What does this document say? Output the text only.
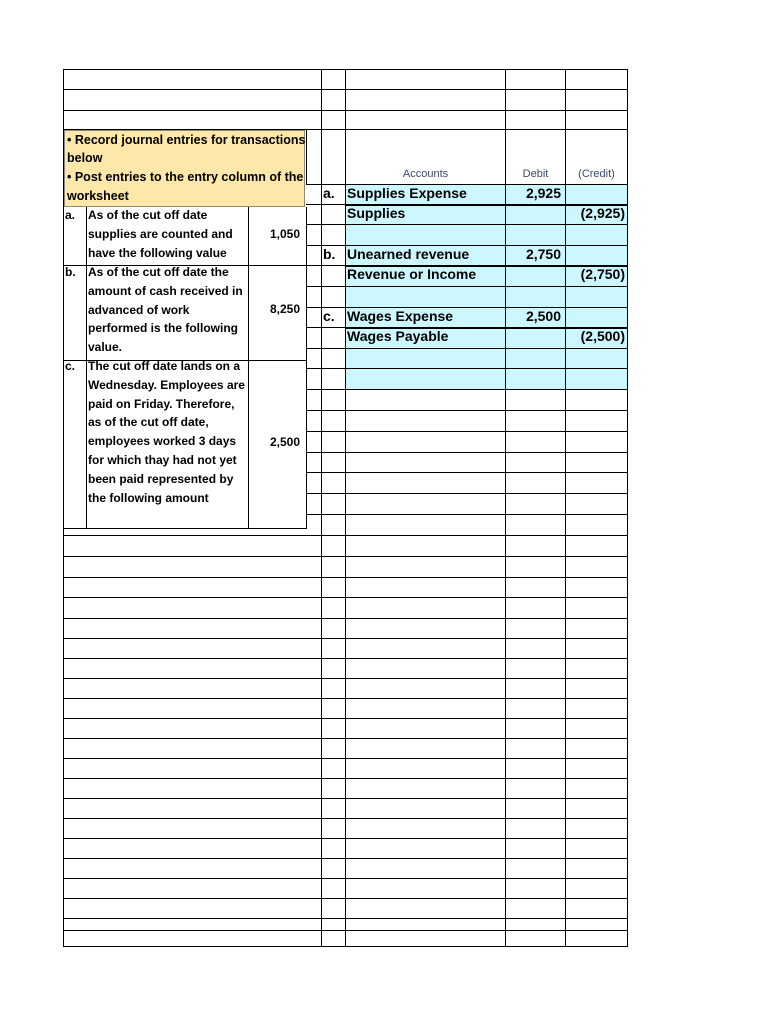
• Record journal entries for transactions
below
• Post entries to the entry column of the
worksheet
Accounts	Debit	(Credit)
a. As of the cut off date
supplies are counted and
have the following value
1,050
b. As of the cut off date the
amount of cash received in
advanced of work
performed is the following
value.
8,250
c. The cut off date lands on a
Wednesday. Employees are
paid on Friday. Therefore,
as of the cut off date,
employees worked 3 days
for which thay had not yet
been paid represented by
the following amount
2,500
a. Supplies Expense	2,925
Supplies	(2,925)
b. Unearned revenue	2,750
Revenue or Income	(2,750)
c. Wages Expense	2,500
Wages Payable	(2,500)
